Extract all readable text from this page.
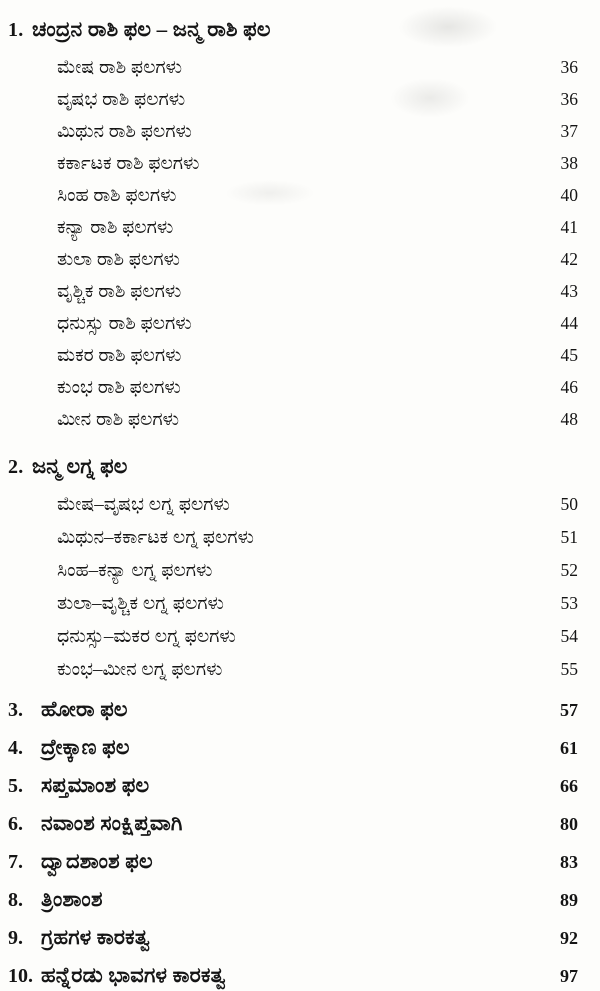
1. ಚಂದ್ರನ ರಾಶಿ ಫಲ – ಜನ್ಮ ರಾಶಿ ಫಲ
ಮೇಷ ರಾಶಿ ಫಲಗಳು	36
ವೃಷಭ ರಾಶಿ ಫಲಗಳು	36
ಮಿಥುನ ರಾಶಿ ಫಲಗಳು	37
ಕರ್ಕಾಟಕ ರಾಶಿ ಫಲಗಳು	38
ಸಿಂಹ ರಾಶಿ ಫಲಗಳು	40
ಕನ್ಯಾ ರಾಶಿ ಫಲಗಳು	41
ತುಲಾ ರಾಶಿ ಫಲಗಳು	42
ವೃಶ್ಚಿಕ ರಾಶಿ ಫಲಗಳು	43
ಧನುಸ್ಸು ರಾಶಿ ಫಲಗಳು	44
ಮಕರ ರಾಶಿ ಫಲಗಳು	45
ಕುಂಭ ರಾಶಿ ಫಲಗಳು	46
ಮೀನ ರಾಶಿ ಫಲಗಳು	48
2. ಜನ್ಮ ಲಗ್ನ ಫಲ
ಮೇಷ–ವೃಷಭ ಲಗ್ನ ಫಲಗಳು	50
ಮಿಥುನ–ಕರ್ಕಾಟಕ ಲಗ್ನ ಫಲಗಳು	51
ಸಿಂಹ–ಕನ್ಯಾ ಲಗ್ನ ಫಲಗಳು	52
ತುಲಾ–ವೃಶ್ಚಿಕ ಲಗ್ನ ಫಲಗಳು	53
ಧನುಸ್ಸು–ಮಕರ ಲಗ್ನ ಫಲಗಳು	54
ಕುಂಭ–ಮೀನ ಲಗ್ನ ಫಲಗಳು	55
3. ಹೋರಾ ಫಲ	57
4. ದ್ರೇಕ್ಕಾಣ ಫಲ	61
5. ಸಪ್ತಮಾಂಶ ಫಲ	66
6. ನವಾಂಶ ಸಂಕ್ಷಿಪ್ತವಾಗಿ	80
7. ದ್ವಾದಶಾಂಶ ಫಲ	83
8. ತ್ರಿಂಶಾಂಶ	89
9. ಗ್ರಹಗಳ ಕಾರಕತ್ವ	92
10. ಹನ್ನೆರಡು ಭಾವಗಳ ಕಾರಕತ್ವ	97
